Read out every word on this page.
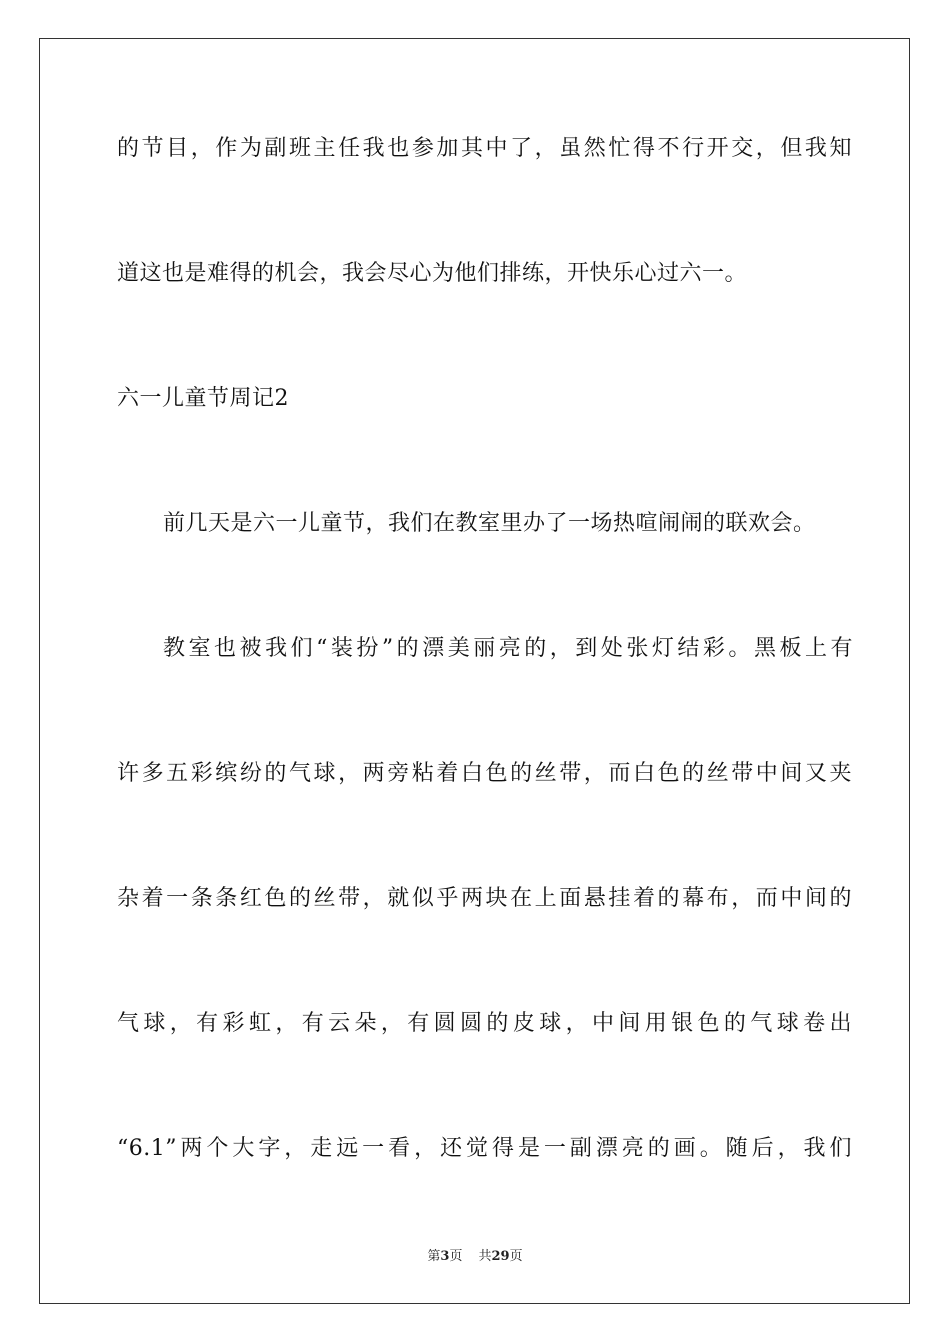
的节目，作为副班主任我也参加其中了，虽然忙得不行开交，但我知
道这也是难得的机会，我会尽心为他们排练，开快乐心过六一。
六一儿童节周记2
前几天是六一儿童节，我们在教室里办了一场热喧闹闹的联欢会。
教室也被我们“装扮”的漂美丽亮的，到处张灯结彩。黑板上有
许多五彩缤纷的气球，两旁粘着白色的丝带，而白色的丝带中间又夹
杂着一条条红色的丝带，就似乎两块在上面悬挂着的幕布，而中间的
气球，有彩虹，有云朵，有圆圆的皮球，中间用银色的气球卷出
“6.1”两个大字，走远一看，还觉得是一副漂亮的画。随后，我们
第3页 共29页
